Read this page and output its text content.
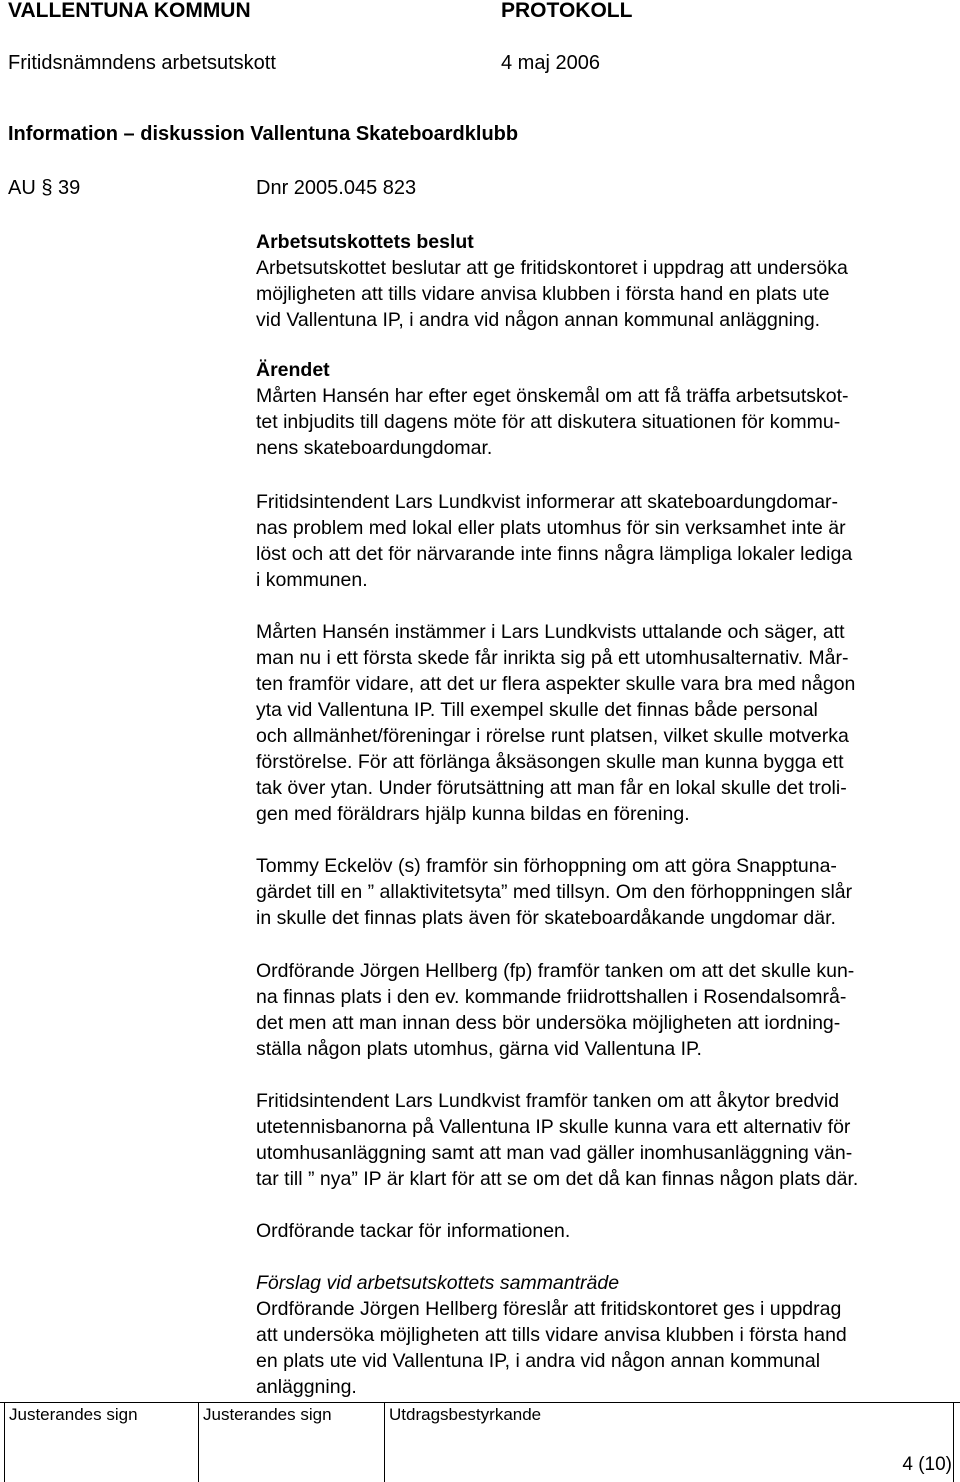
VALLENTUNA KOMMUN	PROTOKOLL
Fritidsnämndens arbetsutskott	4 maj 2006
Information – diskussion Vallentuna Skateboardklubb
AU § 39	Dnr 2005.045 823

Arbetsutskottets beslut

Arbetsutskottet beslutar att ge fritidskontoret i uppdrag att undersöka

möjligheten att tills vidare anvisa klubben i första hand en plats ute

vid Vallentuna IP, i andra vid någon annan kommunal anläggning.

Ärendet

Mårten Hansén har efter eget önskemål om att få träffa arbetsutskot-

tet inbjudits till dagens möte för att diskutera situationen för kommu-

nens skateboardungdomar.

Fritidsintendent Lars Lundkvist informerar att skateboardungdomar-

nas problem med lokal eller plats utomhus för sin verksamhet inte är

löst och att det för närvarande inte finns några lämpliga lokaler lediga

i kommunen.

Mårten Hansén instämmer i Lars Lundkvists uttalande och säger, att

man nu i ett första skede får inrikta sig på ett utomhusalternativ. Mår-

ten framför vidare, att det ur flera aspekter skulle vara bra med någon

yta vid Vallentuna IP. Till exempel skulle det finnas både personal

och allmänhet/föreningar i rörelse runt platsen, vilket skulle motverka

förstörelse. För att förlänga åksäsongen skulle man kunna bygga ett

tak över ytan. Under förutsättning att man får en lokal skulle det troli-

gen med föräldrars hjälp kunna bildas en förening.

Tommy Eckelöv (s) framför sin förhoppning om att göra Snapptuna-

gärdet till en ” allaktivitetsyta” med tillsyn. Om den förhoppningen slår

in skulle det finnas plats även för skateboardåkande ungdomar där.

Ordförande Jörgen Hellberg (fp) framför tanken om att det skulle kun-

na finnas plats i den ev. kommande friidrottshallen i Rosendalsområ-

det men att man innan dess bör undersöka möjligheten att iordning-

ställa någon plats utomhus, gärna vid Vallentuna IP.

Fritidsintendent Lars Lundkvist framför tanken om att åkytor bredvid

utetennisbanorna på Vallentuna IP skulle kunna vara ett alternativ för

utomhusanläggning samt att man vad gäller inomhusanläggning vän-

tar till ” nya” IP är klart för att se om det då kan finnas någon plats där.

Ordförande tackar för informationen.

Förslag vid arbetsutskottets sammanträde

Ordförande Jörgen Hellberg föreslår att fritidskontoret ges i uppdrag

att undersöka möjligheten att tills vidare anvisa klubben i första hand

en plats ute vid Vallentuna IP, i andra vid någon annan kommunal

anläggning.

Justerandes sign	Justerandes sign	Utdragsbestyrkande
4 (10)
